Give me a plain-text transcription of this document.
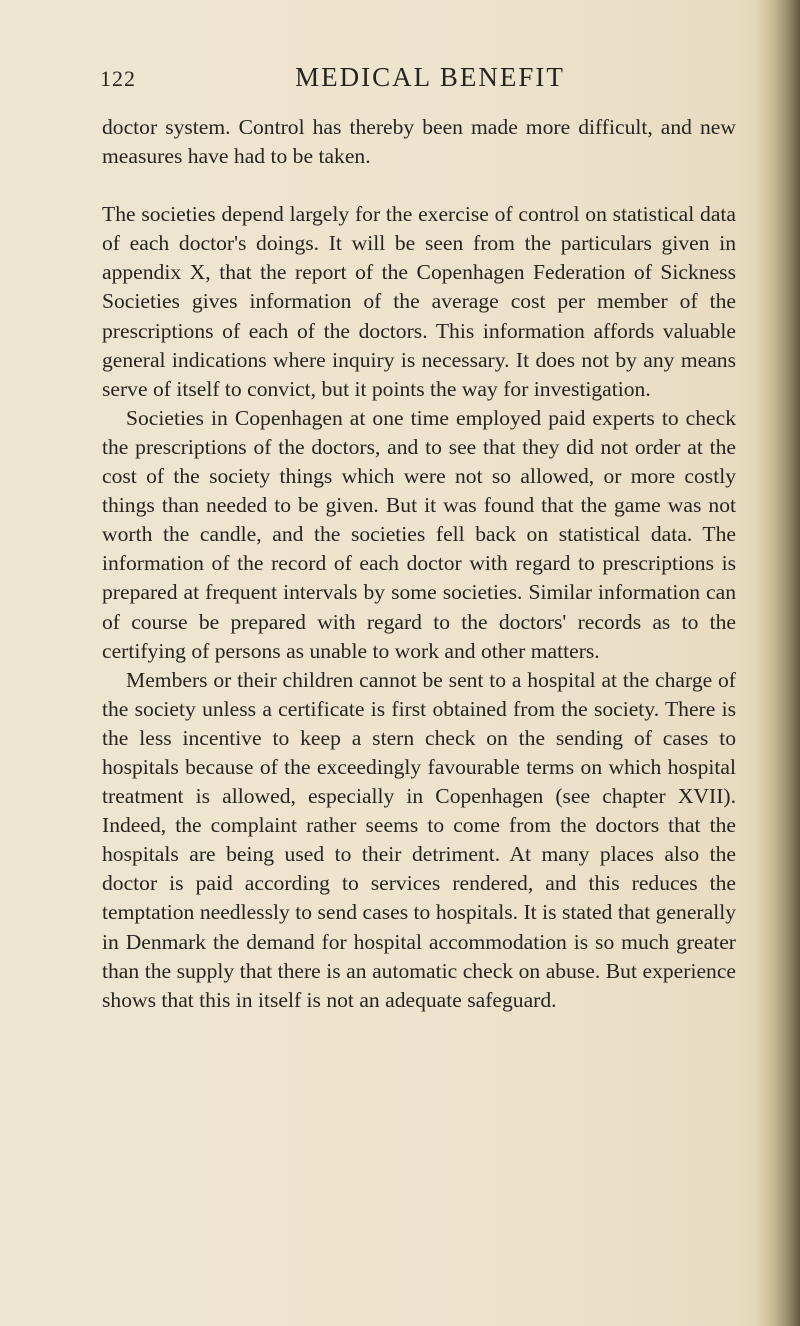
122	MEDICAL BENEFIT

doctor system. Control has thereby been made more difficult, and new measures have had to be taken.

The societies depend largely for the exercise of control on statistical data of each doctor's doings. It will be seen from the particulars given in appendix X, that the report of the Copenhagen Federation of Sickness Societies gives information of the average cost per member of the prescriptions of each of the doctors. This information affords valuable general indications where inquiry is necessary. It does not by any means serve of itself to convict, but it points the way for investigation.

Societies in Copenhagen at one time employed paid experts to check the prescriptions of the doctors, and to see that they did not order at the cost of the society things which were not so allowed, or more costly things than needed to be given. But it was found that the game was not worth the candle, and the societies fell back on statistical data. The information of the record of each doctor with regard to prescriptions is prepared at frequent intervals by some societies. Similar information can of course be prepared with regard to the doctors' records as to the certifying of persons as unable to work and other matters.

Members or their children cannot be sent to a hospital at the charge of the society unless a certificate is first obtained from the society. There is the less incentive to keep a stern check on the sending of cases to hospitals because of the exceedingly favourable terms on which hospital treatment is allowed, especially in Copenhagen (see chapter XVII). Indeed, the complaint rather seems to come from the doctors that the hospitals are being used to their detriment. At many places also the doctor is paid according to services rendered, and this reduces the temptation needlessly to send cases to hospitals. It is stated that generally in Denmark the demand for hospital accommodation is so much greater than the supply that there is an automatic check on abuse. But experience shows that this in itself is not an adequate safeguard.
